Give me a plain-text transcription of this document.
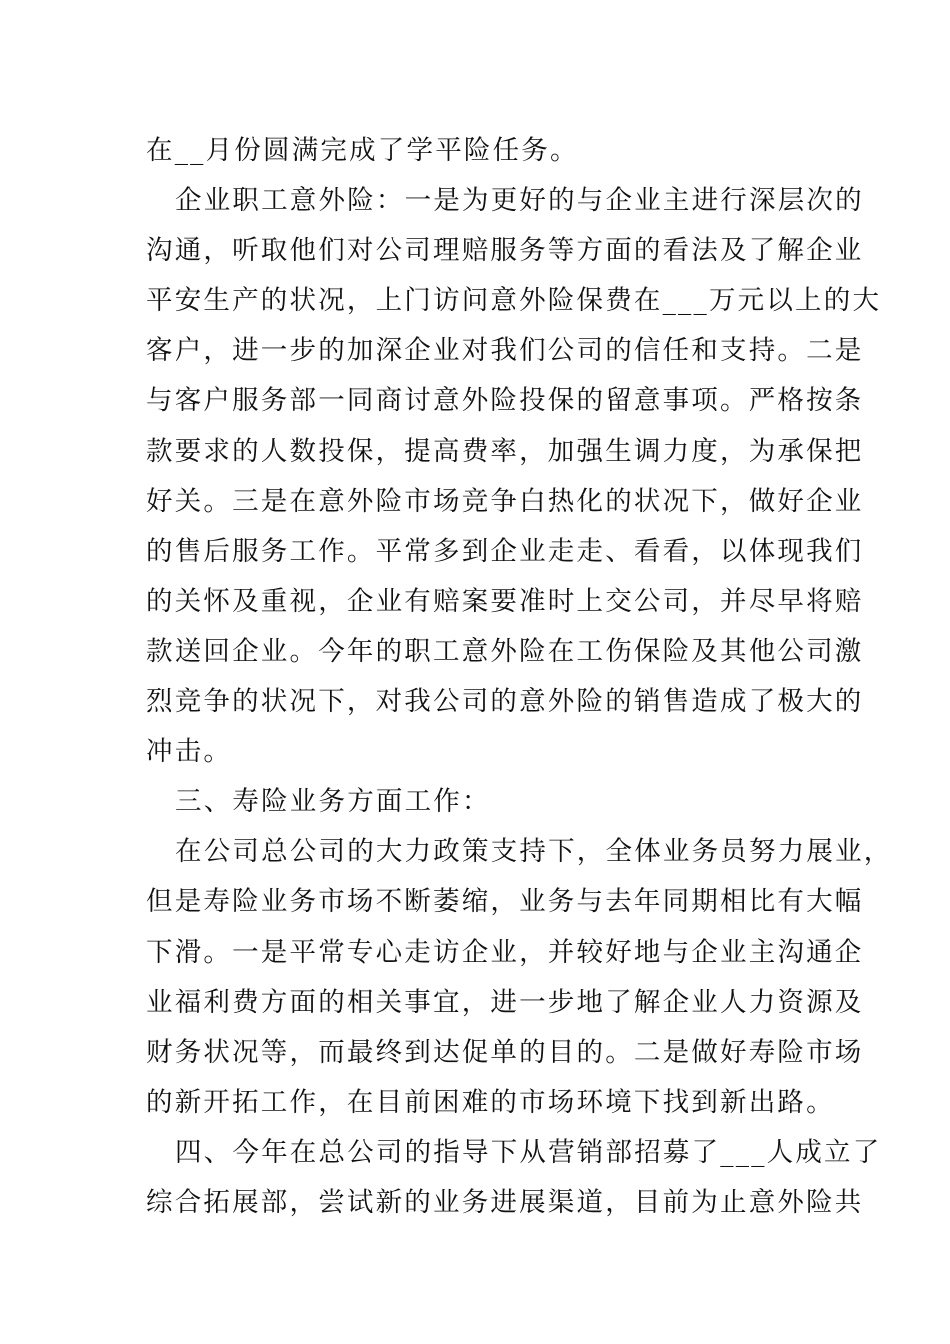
在__月份圆满完成了学平险任务。

企业职工意外险：一是为更好的与企业主进行深层次的
沟通，听取他们对公司理赔服务等方面的看法及了解企业
平安生产的状况，上门访问意外险保费在___万元以上的大
客户，进一步的加深企业对我们公司的信任和支持。二是
与客户服务部一同商讨意外险投保的留意事项。严格按条
款要求的人数投保，提高费率，加强生调力度，为承保把
好关。三是在意外险市场竞争白热化的状况下，做好企业
的售后服务工作。平常多到企业走走、看看，以体现我们
的关怀及重视，企业有赔案要准时上交公司，并尽早将赔
款送回企业。今年的职工意外险在工伤保险及其他公司激
烈竞争的状况下，对我公司的意外险的销售造成了极大的
冲击。

三、寿险业务方面工作：

在公司总公司的大力政策支持下，全体业务员努力展业，
但是寿险业务市场不断萎缩，业务与去年同期相比有大幅
下滑。一是平常专心走访企业，并较好地与企业主沟通企
业福利费方面的相关事宜，进一步地了解企业人力资源及
财务状况等，而最终到达促单的目的。二是做好寿险市场
的新开拓工作，在目前困难的市场环境下找到新出路。

四、今年在总公司的指导下从营销部招募了___人成立了
综合拓展部，尝试新的业务进展渠道，目前为止意外险共
